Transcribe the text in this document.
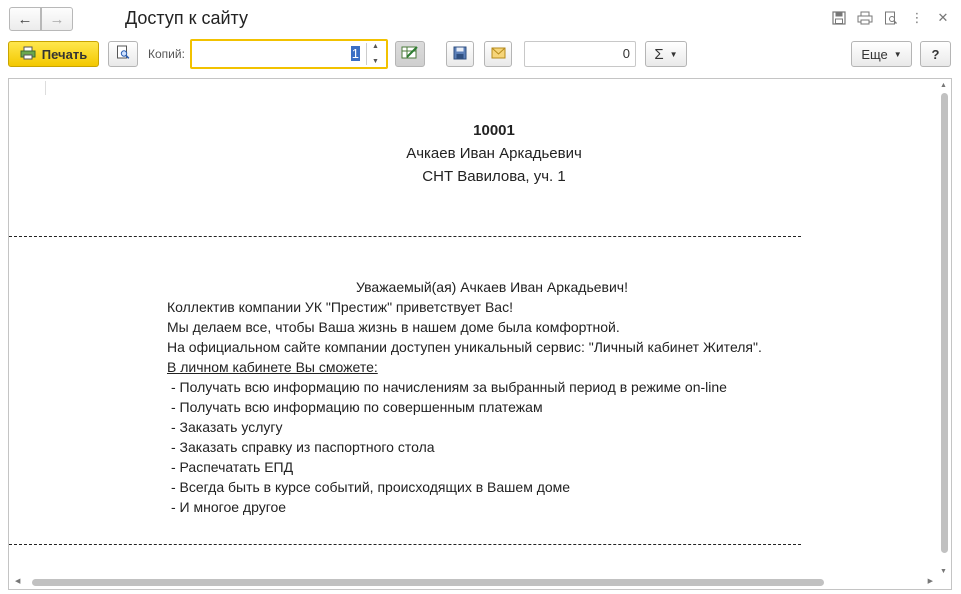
← →	Доступ к сайту	⋮	✕
Печать	Копий:	1 ▲
▼
0	Σ ▼	Еще ▼	?
10001
Ачкаев Иван Аркадьевич
СНТ Вавилова, уч. 1
Уважаемый(ая) Ачкаев Иван Аркадьевич!
Коллектив компании УК "Престиж" приветствует Вас!
Мы делаем все, чтобы Ваша жизнь в нашем доме была комфортной.
На официальном сайте компании доступен уникальный сервис: "Личный кабинет Жителя".
В личном кабинете Вы сможете:
- Получать всю информацию по начислениям за выбранный период в режиме on-line
- Получать всю информацию по совершенным платежам
- Заказать услугу
- Заказать справку из паспортного стола
- Распечатать ЕПД
- Всегда быть в курсе событий, происходящих в Вашем доме
- И многое другое
▲
▼
◀	▶
